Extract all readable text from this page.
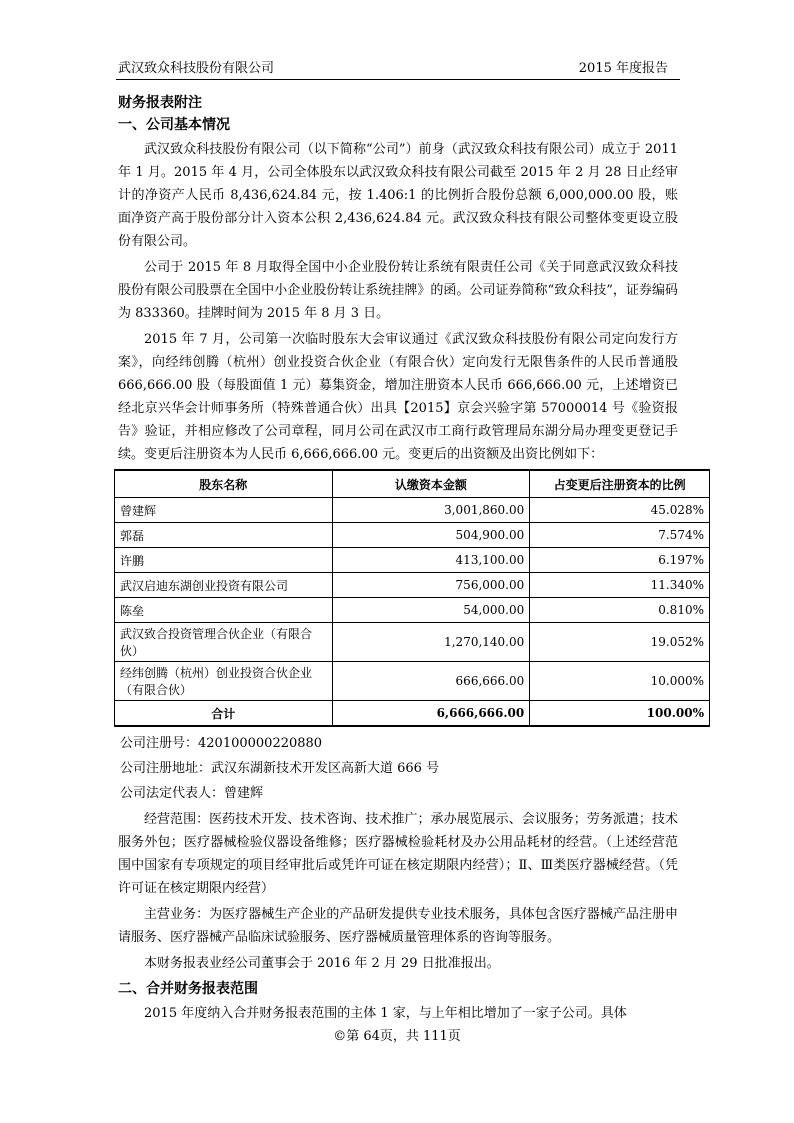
武汉致众科技股份有限公司	2015 年度报告
财务报表附注
一、公司基本情况

武汉致众科技股份有限公司（以下简称“公司”）前身（武汉致众科技有限公司）成立于 2011 年 1 月。2015 年 4 月，公司全体股东以武汉致众科技有限公司截至 2015 年 2 月 28 日止经审计的净资产人民币 8,436,624.84 元，按 1.406:1 的比例折合股份总额 6,000,000.00 股，账面净资产高于股份部分计入资本公积 2,436,624.84 元。武汉致众科技有限公司整体变更设立股份有限公司。

公司于 2015 年 8 月取得全国中小企业股份转让系统有限责任公司《关于同意武汉致众科技股份有限公司股票在全国中小企业股份转让系统挂牌》的函。公司证券简称“致众科技”，证券编码为 833360。挂牌时间为 2015 年 8 月 3 日。

2015 年 7 月，公司第一次临时股东大会审议通过《武汉致众科技股份有限公司定向发行方案》，向经纬创腾（杭州）创业投资合伙企业（有限合伙）定向发行无限售条件的人民币普通股 666,666.00 股（每股面值 1 元）募集资金，增加注册资本人民币 666,666.00 元，上述增资已经北京兴华会计师事务所（特殊普通合伙）出具【2015】京会兴验字第 57000014 号《验资报告》验证，并相应修改了公司章程，同月公司在武汉市工商行政管理局东湖分局办理变更登记手续。变更后注册资本为人民币 6,666,666.00 元。变更后的出资额及出资比例如下：

股东名称	认缴资本金额	占变更后注册资本的比例
曾建辉	3,001,860.00	45.028%
郭磊	504,900.00	7.574%
许鹏	413,100.00	6.197%
武汉启迪东湖创业投资有限公司	756,000.00	11.340%
陈垒	54,000.00	0.810%
武汉致合投资管理合伙企业（有限合伙）	1,270,140.00	19.052%
经纬创腾（杭州）创业投资合伙企业（有限合伙）	666,666.00	10.000%
合计	6,666,666.00	100.00%
公司注册号：420100000220880
公司注册地址：武汉东湖新技术开发区高新大道 666 号
公司法定代表人：曾建辉

经营范围：医药技术开发、技术咨询、技术推广；承办展览展示、会议服务；劳务派遣；技术服务外包；医疗器械检验仪器设备维修；医疗器械检验耗材及办公用品耗材的经营。（上述经营范围中国家有专项规定的项目经审批后或凭许可证在核定期限内经营）；Ⅱ、Ⅲ类医疗器械经营。（凭许可证在核定期限内经营）

主营业务：为医疗器械生产企业的产品研发提供专业技术服务，具体包含医疗器械产品注册申请服务、医疗器械产品临床试验服务、医疗器械质量管理体系的咨询等服务。

本财务报表业经公司董事会于 2016 年 2 月 29 日批准报出。

二、合并财务报表范围

2015 年度纳入合并财务报表范围的主体 1 家，与上年相比增加了一家子公司。具体

©第 64页，共 111页
